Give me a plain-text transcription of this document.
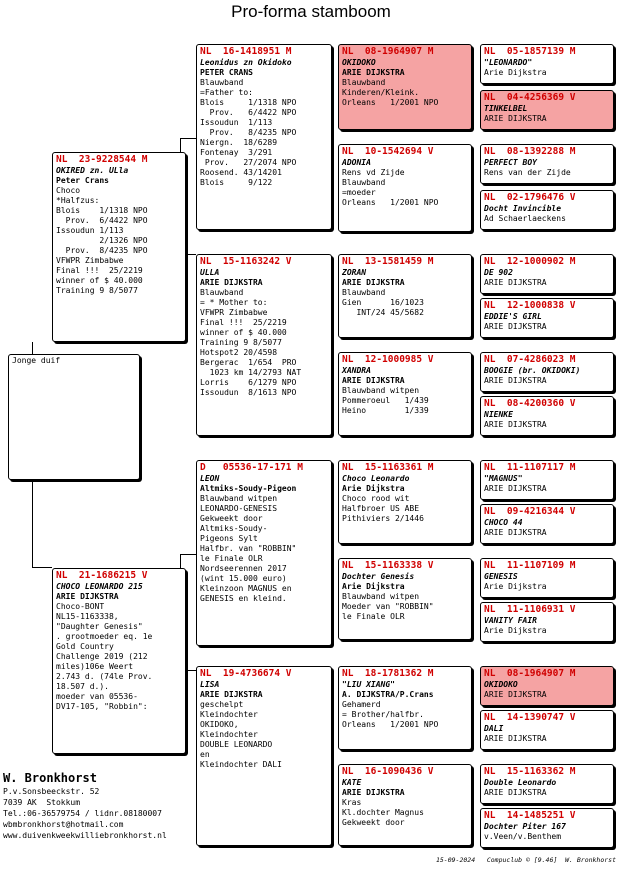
Pro-forma stamboom
Jonge duif
NL  23-9228544 M
OKIRED zn. ULla
Peter Crans
Choco
*Halfzus:
Blois    1/1318 NPO
Prov.  6/4422 NPO
Issoudun 1/113
2/1326 NPO
Prov.  8/4235 NPO
VFWPR Zimbabwe
Final !!!  25/2219
winner of $ 40.000
Training 9 8/5077
NL  21-1686215 V
CHOCO LEONARDO 215
ARIE DIJKSTRA
Choco-BONT
NL15-1163338,
"Daughter Genesis"
. grootmoeder eq. 1e
Gold Country
Challenge 2019 (212
miles)106e Weert
2.743 d. (74le Prov.
18.507 d.).
moeder van 05536-
DV17-105, "Robbin":
NL  16-1418951 M
Leonidus zn Okidoko
PETER CRANS
Blauwband
=Father to:
Blois     1/1318 NPO
Prov.   6/4422 NPO
Issoudun  1/113
Prov.   8/4235 NPO
Niergn.  18/6289
Fontenay  3/291
Prov.   27/2074 NPO
Roosend. 43/14201
Blois     9/122
NL  15-1163242 V
ULLA
ARIE DIJKSTRA
Blauwband
= * Mother to:
VFWPR Zimbabwe
Final !!!  25/2219
winner of $ 40.000
Training 9 8/5077
Hotspot2 20/4598
Bergerac  1/654  PRO
1023 km 14/2793 NAT
Lorris    6/1279 NPO
Issoudun  8/1613 NPO
D   05536-17-171 M
LEON
Altmiks-Soudy-Pigeon
Blauwband witpen
LEONARDO-GENESIS
Gekweekt door
Altmiks-Soudy-
Pigeons Sylt
Halfbr. van "ROBBIN"
le Finale OLR
Nordseerennen 2017
(wint 15.000 euro)
Kleinzoon MAGNUS en
GENESIS en kleind.
NL  19-4736674 V
LISA
ARIE DIJKSTRA
geschelpt
Kleindochter
OKIDOKO,
Kleindochter
DOUBLE LEONARDO
en
Kleindochter DALI
NL  08-1964907 M
OKIDOKO
ARIE DIJKSTRA
Blauwband
Kinderen/Kleink.
Orleans   1/2001 NPO
NL  10-1542694 V
ADONIA
Rens vd Zijde
Blauwband
=moeder
Orleans   1/2001 NPO
NL  13-1581459 M
ZORAN
ARIE DIJKSTRA
Blauwband
Gien      16/1023
INT/24 45/5682
NL  12-1000985 V
XANDRA
ARIE DIJKSTRA
Blauwband witpen
Pommeroeul   1/439
Heino        1/339
NL  15-1163361 M
Choco Leonardo
Arie Dijkstra
Choco rood wit
Halfbroer US ABE
Pithiviers 2/1446
NL  15-1163338 V
Dochter Genesis
Arie Dijkstra
Blauwband witpen
Moeder van "ROBBIN"
le Finale OLR
NL  18-1781362 M
"LIU XIANG"
A. DIJKSTRA/P.Crans
Gehamerd
= Brother/halfbr.
Orleans   1/2001 NPO
NL  16-1090436 V
KATE
ARIE DIJKSTRA
Kras
Kl.dochter Magnus
Gekweekt door
NL  05-1857139 M
"LEONARDO"
Arie Dijkstra
NL  04-4256369 V
TINKELBEL
ARIE DIJKSTRA
NL  08-1392288 M
PERFECT BOY
Rens van der Zijde
NL  02-1796476 V
Docht Invincible
Ad Schaerlaeckens
NL  12-1000902 M
DE 902
ARIE DIJKSTRA
NL  12-1000838 V
EDDIE'S GIRL
ARIE DIJKSTRA
NL  07-4286023 M
BOOGIE (br. OKIDOKI)
ARIE DIJKSTRA
NL  08-4200360 V
NIENKE
ARIE DIJKSTRA
NL  11-1107117 M
"MAGNUS"
ARIE DIJKSTRA
NL  09-4216344 V
CHOCO 44
ARIE DIJKSTRA
NL  11-1107109 M
GENESIS
Arie Dijkstra
NL  11-1106931 V
VANITY FAIR
Arie Dijkstra
NL  08-1964907 M
OKIDOKO
ARIE DIJKSTRA
NL  14-1390747 V
DALI
ARIE DIJKSTRA
NL  15-1163362 M
Double Leonardo
ARIE DIJKSTRA
NL  14-1485251 V
Dochter Piter 167
v.Veen/v.Benthem
W. Bronkhorst
P.v.Sonsbeeckstr. 52
7039 AK  Stokkum
Tel.:06-36579754 / lidnr.08180007
wbmbronkhorst@hotmail.com
www.duivenkweekwilliebronkhorst.nl
15-09-2024   Compuclub © [9.46]  W. Bronkhorst
